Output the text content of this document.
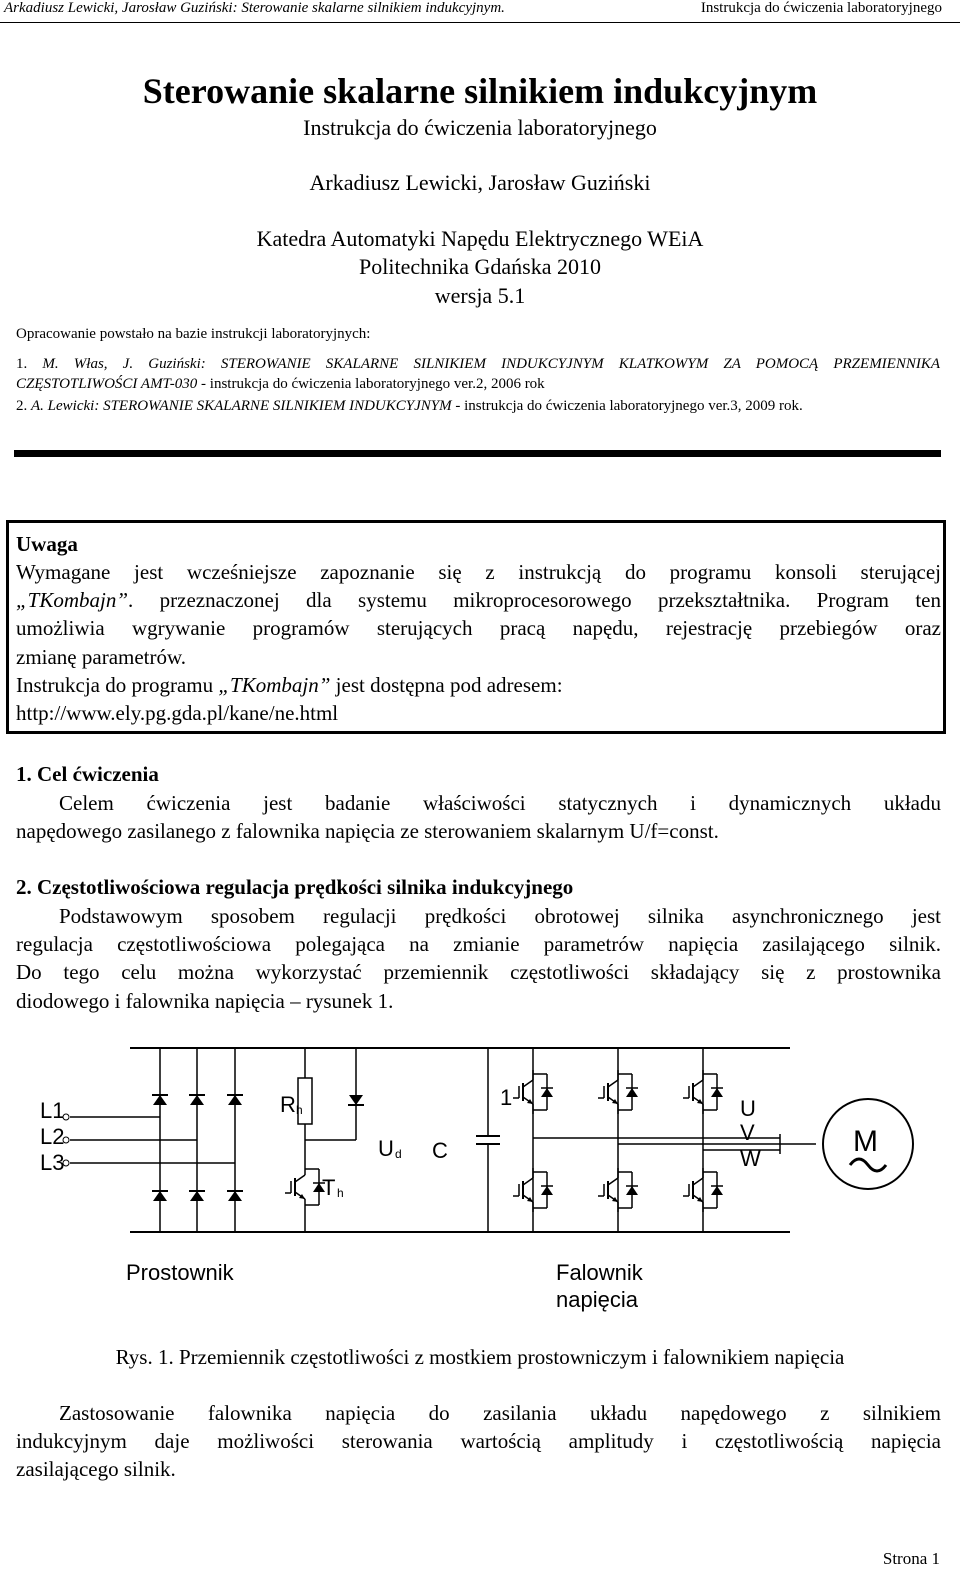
Arkadiusz Lewicki, Jarosław Guziński: Sterowanie skalarne silnikiem indukcyjnym.	Instrukcja do ćwiczenia laboratoryjnego
Sterowanie skalarne silnikiem indukcyjnym
Instrukcja do ćwiczenia laboratoryjnego
Arkadiusz Lewicki, Jarosław Guziński
Katedra Automatyki Napędu Elektrycznego WEiA
Politechnika Gdańska 2010
wersja 5.1
Opracowanie powstało na bazie instrukcji laboratoryjnych:
1. M. Włas, J. Guziński: STEROWANIE SKALARNE SILNIKIEM INDUKCYJNYM KLATKOWYM ZA POMOCĄ PRZEMIENNIKA
CZĘSTOTLIWOŚCI AMT-030 - instrukcja do ćwiczenia laboratoryjnego ver.2, 2006 rok
2. A. Lewicki: STEROWANIE SKALARNE SILNIKIEM INDUKCYJNYM - instrukcja do ćwiczenia laboratoryjnego ver.3, 2009 rok.
Uwaga
Wymagane jest wcześniejsze zapoznanie się z instrukcją do programu konsoli sterującej
„TKombajn”. przeznaczonej dla systemu mikroprocesorowego przekształtnika. Program ten
umożliwia wgrywanie programów sterujących pracą napędu, rejestrację przebiegów oraz
zmianę parametrów.
Instrukcja do programu „TKombajn” jest dostępna pod adresem:
http://www.ely.pg.gda.pl/kane/ne.html
1. Cel ćwiczenia
Celem ćwiczenia jest badanie właściwości statycznych i dynamicznych układu
napędowego zasilanego z falownika napięcia ze sterowaniem skalarnym U/f=const.
2. Częstotliwościowa regulacja prędkości silnika indukcyjnego
Podstawowym sposobem regulacji prędkości obrotowej silnika asynchronicznego jest
regulacja częstotliwościowa polegająca na zmianie parametrów napięcia zasilającego silnik.
Do tego celu można wykorzystać przemiennik częstotliwości składający się z prostownika
diodowego i falownika napięcia – rysunek 1.
L1
L2
L3
R h
T h
U d C
1	U
V
W
M
Prostownik	Falownik
napięcia
Rys. 1. Przemiennik częstotliwości z mostkiem prostowniczym i falownikiem napięcia
Zastosowanie falownika napięcia do zasilania układu napędowego z silnikiem
indukcyjnym daje możliwości sterowania wartością amplitudy i częstotliwością napięcia
zasilającego silnik.
Strona 1
